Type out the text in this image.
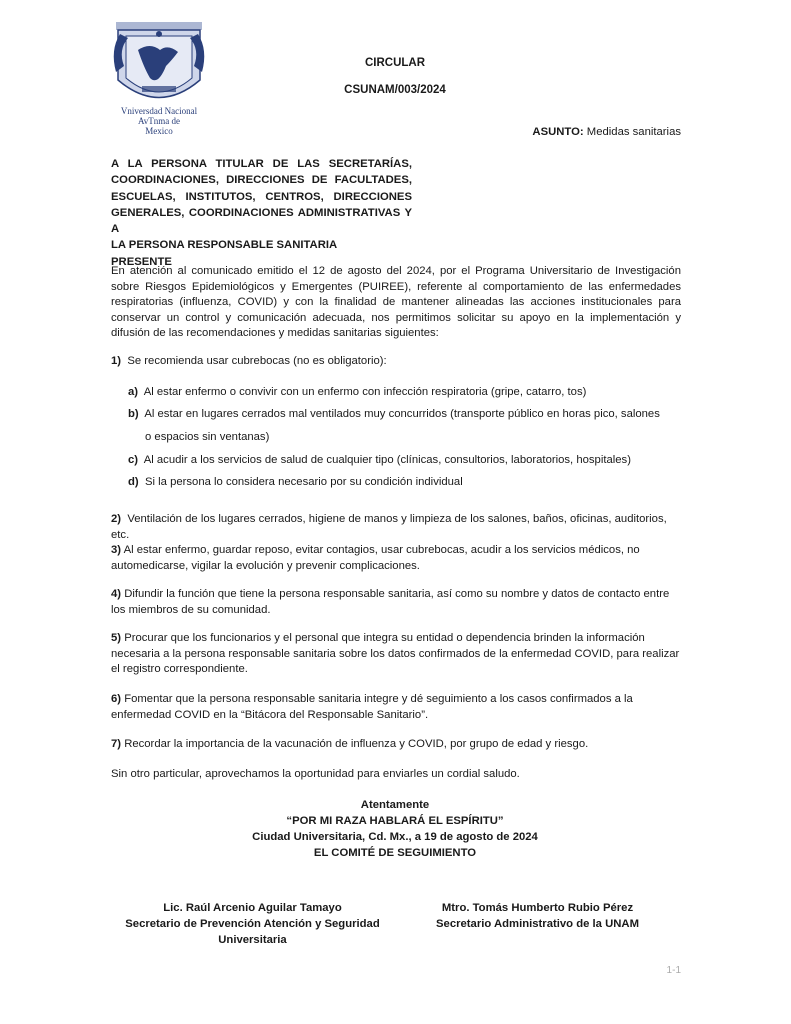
Vniversdad Nacional
AvTnma de
Mexico
CIRCULAR
CSUNAM/003/2024
ASUNTO: Medidas sanitarias
A LA PERSONA TITULAR DE LAS SECRETARÍAS,
COORDINACIONES, DIRECCIONES DE FACULTADES,
ESCUELAS, INSTITUTOS, CENTROS, DIRECCIONES
GENERALES, COORDINACIONES ADMINISTRATIVAS Y A
LA PERSONA RESPONSABLE SANITARIA
PRESENTE
En atención al comunicado emitido el 12 de agosto del 2024, por el Programa Universitario de Investigación sobre Riesgos Epidemiológicos y Emergentes (PUIREE), referente al comportamiento de las enfermedades respiratorias (influenza, COVID) y con la finalidad de mantener alineadas las acciones institucionales para conservar un control y comunicación adecuada, nos permitimos solicitar su apoyo en la implementación y difusión de las recomendaciones y medidas sanitarias siguientes:
1) Se recomienda usar cubrebocas (no es obligatorio):
a) Al estar enfermo o convivir con un enfermo con infección respiratoria (gripe, catarro, tos)
b) Al estar en lugares cerrados mal ventilados muy concurridos (transporte público en horas pico, salones
o espacios sin ventanas)
c) Al acudir a los servicios de salud de cualquier tipo (clínicas, consultorios, laboratorios, hospitales)
d) Si la persona lo considera necesario por su condición individual
2) Ventilación de los lugares cerrados, higiene de manos y limpieza de los salones, baños, oficinas, auditorios, etc.
3) Al estar enfermo, guardar reposo, evitar contagios, usar cubrebocas, acudir a los servicios médicos, no automedicarse, vigilar la evolución y prevenir complicaciones.
4) Difundir la función que tiene la persona responsable sanitaria, así como su nombre y datos de contacto entre los miembros de su comunidad.
5) Procurar que los funcionarios y el personal que integra su entidad o dependencia brinden la información necesaria a la persona responsable sanitaria sobre los datos confirmados de la enfermedad COVID, para realizar el registro correspondiente.
6) Fomentar que la persona responsable sanitaria integre y dé seguimiento a los casos confirmados a la enfermedad COVID en la “Bitácora del Responsable Sanitario”.
7) Recordar la importancia de la vacunación de influenza y COVID, por grupo de edad y riesgo.
Sin otro particular, aprovechamos la oportunidad para enviarles un cordial saludo.
Atentamente
“POR MI RAZA HABLARÁ EL ESPÍRITU”
Ciudad Universitaria, Cd. Mx., a 19 de agosto de 2024
EL COMITÉ DE SEGUIMIENTO
Lic. Raúl Arcenio Aguilar Tamayo
Secretario de Prevención Atención y Seguridad Universitaria
Mtro. Tomás Humberto Rubio Pérez
Secretario Administrativo de la UNAM
1-1
